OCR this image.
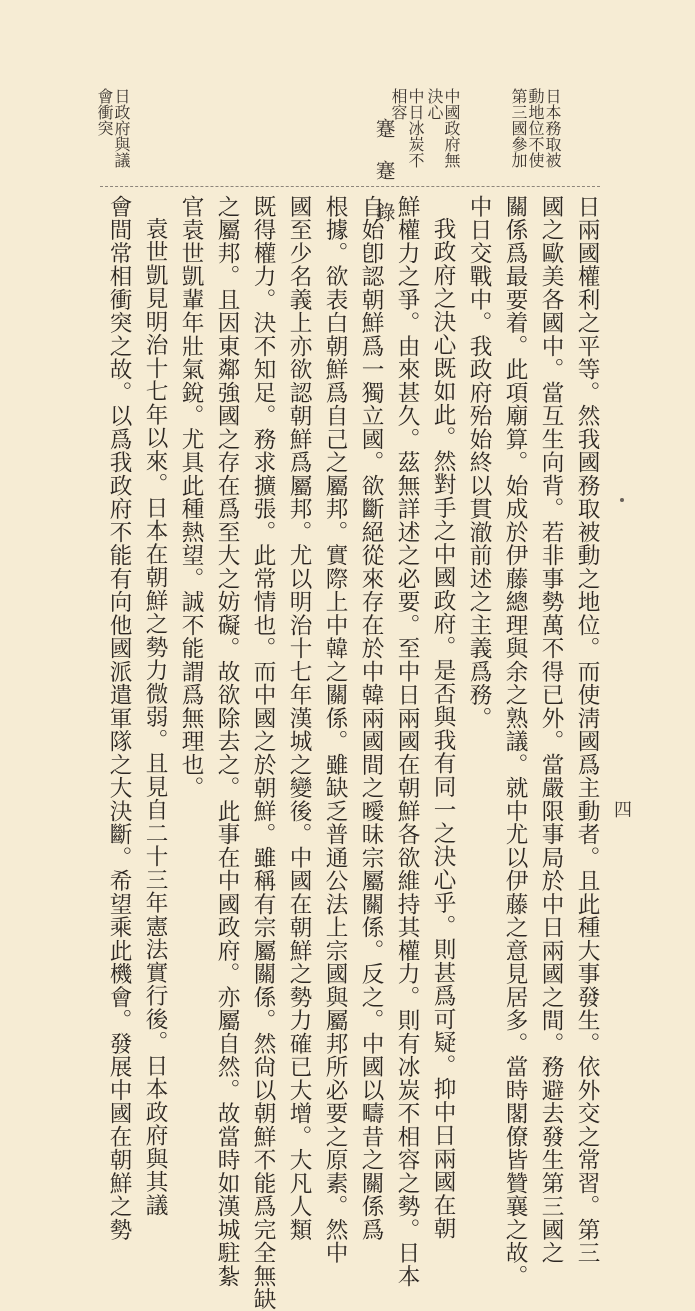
蹇蹇錄
四
日本務取被動地位不使第三國參加
中國政府無決心
中日冰炭不相容
日政府與議會衝突
日兩國權利之平等。然我國務取被動之地位。而使淸國爲主動者。且此種大事發生。依外交之常習。第三
國之歐美各國中。當互生向背。若非事勢萬不得已外。當嚴限事局於中日兩國之間。務避去發生第三國之
關係爲最要着。此項廟算。始成於伊藤總理與余之熟議。就中尤以伊藤之意見居多。當時閣僚皆贊襄之故。
中日交戰中。我政府殆始終以貫澈前述之主義爲務。
我政府之決心既如此。然對手之中國政府。是否與我有同一之決心乎。則甚爲可疑。抑中日兩國在朝
鮮權力之爭。由來甚久。茲無詳述之必要。至中日兩國在朝鮮各欲維持其權力。則有冰炭不相容之勢。日本
自始卽認朝鮮爲一獨立國。欲斷絕從來存在於中韓兩國間之曖昧宗屬關係。反之。中國以疇昔之關係爲
根據。欲表白朝鮮爲自己之屬邦。實際上中韓之關係。雖缺乏普通公法上宗國與屬邦所必要之原素。然中
國至少名義上亦欲認朝鮮爲屬邦。尤以明治十七年漢城之變後。中國在朝鮮之勢力確已大增。大凡人類
既得權力。決不知足。務求擴張。此常情也。而中國之於朝鮮。雖稱有宗屬關係。然尙以朝鮮不能爲完全無缺
之屬邦。且因東鄰強國之存在爲至大之妨礙。故欲除去之。此事在中國政府。亦屬自然。故當時如漢城駐紮
官袁世凱輩年壯氣銳。尤具此種熱望。誠不能謂爲無理也。
袁世凱見明治十七年以來。日本在朝鮮之勢力微弱。且見自二十三年憲法實行後。日本政府與其議
會間常相衝突之故。以爲我政府不能有向他國派遣軍隊之大決斷。希望乘此機會。發展中國在朝鮮之勢
